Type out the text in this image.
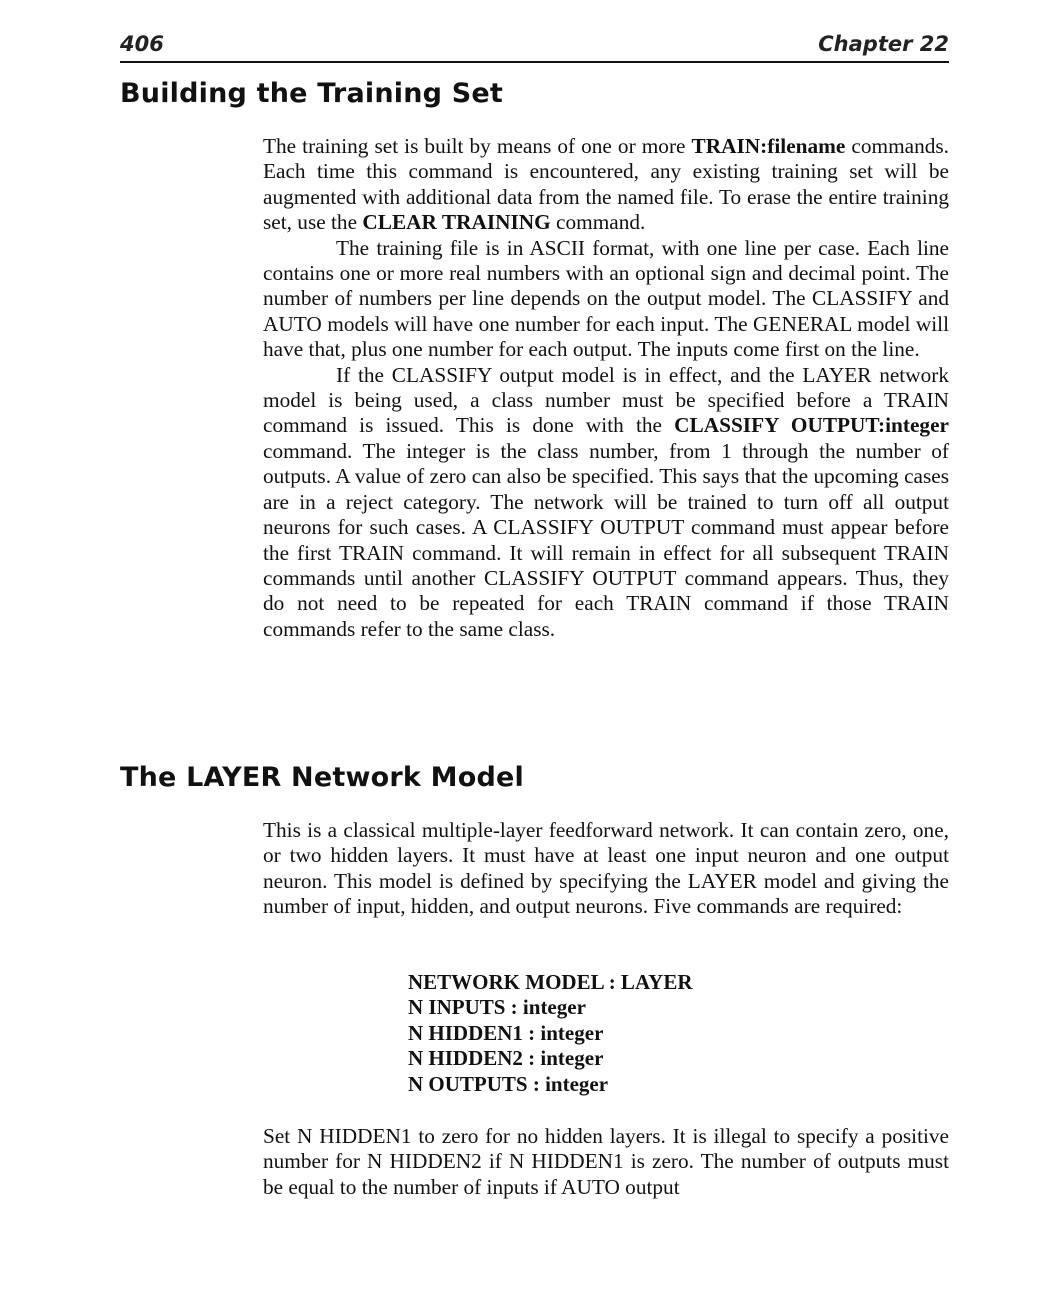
406	Chapter 22
Building the Training Set

The training set is built by means of one or more TRAIN:filename commands. Each time this command is encountered, any existing training set will be augmented with additional data from the named file. To erase the entire training set, use the CLEAR TRAINING command.

The training file is in ASCII format, with one line per case. Each line contains one or more real numbers with an optional sign and decimal point. The number of numbers per line depends on the output model. The CLASSIFY and AUTO models will have one number for each input. The GENERAL model will have that, plus one number for each output. The inputs come first on the line.

If the CLASSIFY output model is in effect, and the LAYER network model is being used, a class number must be specified before a TRAIN command is issued. This is done with the CLASSIFY OUTPUT:integer command. The integer is the class number, from 1 through the number of outputs. A value of zero can also be specified. This says that the upcoming cases are in a reject category. The network will be trained to turn off all output neurons for such cases. A CLASSIFY OUTPUT command must appear before the first TRAIN command. It will remain in effect for all subsequent TRAIN commands until another CLASSIFY OUTPUT command appears. Thus, they do not need to be repeated for each TRAIN command if those TRAIN commands refer to the same class.

The LAYER Network Model

This is a classical multiple-layer feedforward network. It can contain zero, one, or two hidden layers. It must have at least one input neuron and one output neuron. This model is defined by specifying the LAYER model and giving the number of input, hidden, and output neurons. Five commands are required:

NETWORK MODEL : LAYER
N INPUTS : integer
N HIDDEN1 : integer
N HIDDEN2 : integer
N OUTPUTS : integer

Set N HIDDEN1 to zero for no hidden layers. It is illegal to specify a positive number for N HIDDEN2 if N HIDDEN1 is zero. The number of outputs must be equal to the number of inputs if AUTO output
